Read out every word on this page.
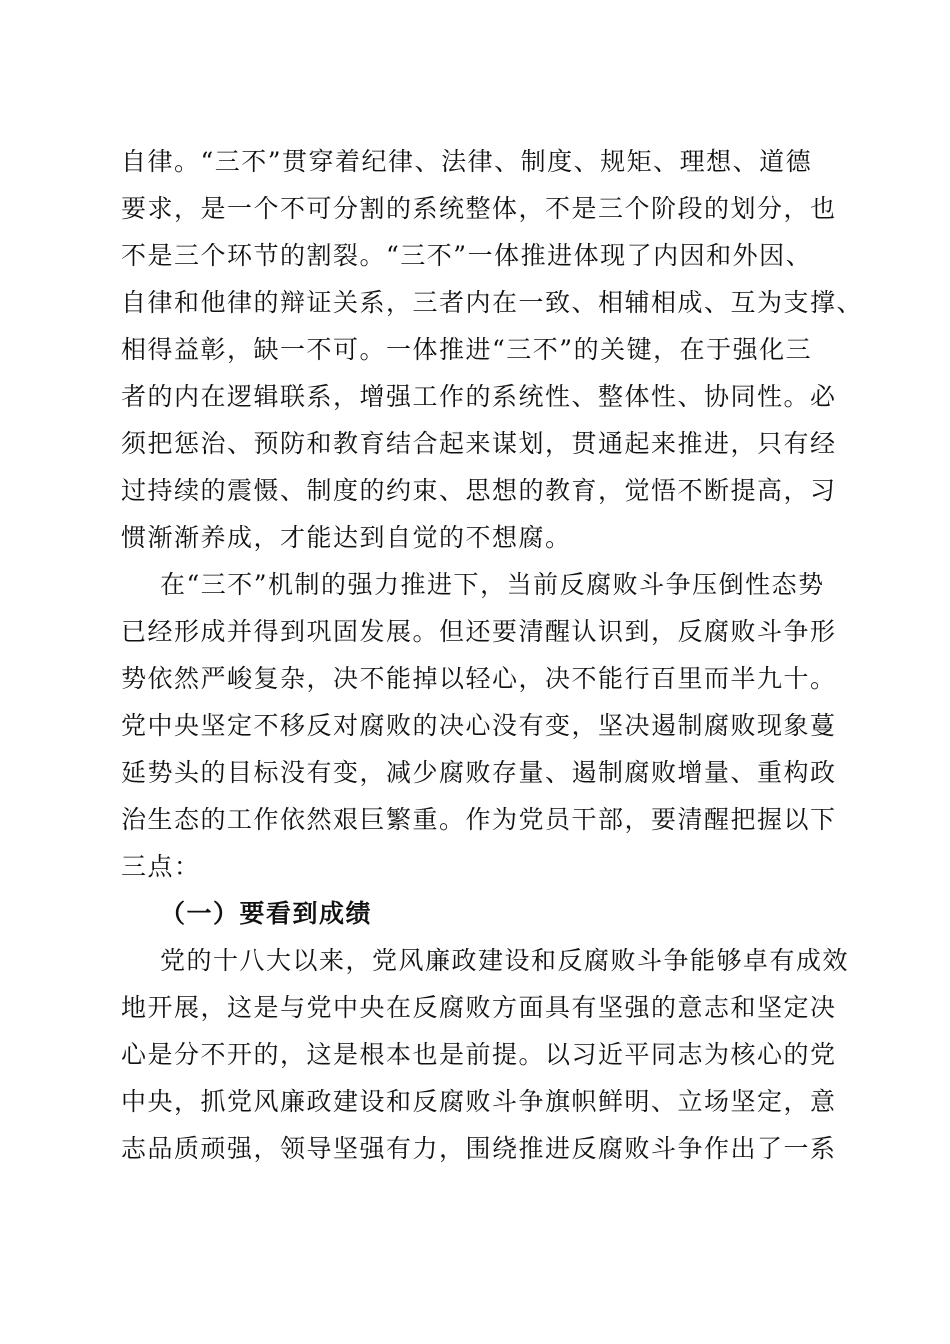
自律。“三不”贯穿着纪律、法律、制度、规矩、理想、道德
要求，是一个不可分割的系统整体，不是三个阶段的划分，也
不是三个环节的割裂。“三不”一体推进体现了内因和外因、
自律和他律的辩证关系，三者内在一致、相辅相成、互为支撑、
相得益彰，缺一不可。一体推进“三不”的关键，在于强化三
者的内在逻辑联系，增强工作的系统性、整体性、协同性。必
须把惩治、预防和教育结合起来谋划，贯通起来推进，只有经
过持续的震慑、制度的约束、思想的教育，觉悟不断提高，习
惯渐渐养成，才能达到自觉的不想腐。
在“三不”机制的强力推进下，当前反腐败斗争压倒性态势
已经形成并得到巩固发展。但还要清醒认识到，反腐败斗争形
势依然严峻复杂，决不能掉以轻心，决不能行百里而半九十。
党中央坚定不移反对腐败的决心没有变，坚决遏制腐败现象蔓
延势头的目标没有变，减少腐败存量、遏制腐败增量、重构政
治生态的工作依然艰巨繁重。作为党员干部，要清醒把握以下
三点：
（一）要看到成绩
党的十八大以来，党风廉政建设和反腐败斗争能够卓有成效
地开展，这是与党中央在反腐败方面具有坚强的意志和坚定决
心是分不开的，这是根本也是前提。以习近平同志为核心的党
中央，抓党风廉政建设和反腐败斗争旗帜鲜明、立场坚定，意
志品质顽强，领导坚强有力，围绕推进反腐败斗争作出了一系
